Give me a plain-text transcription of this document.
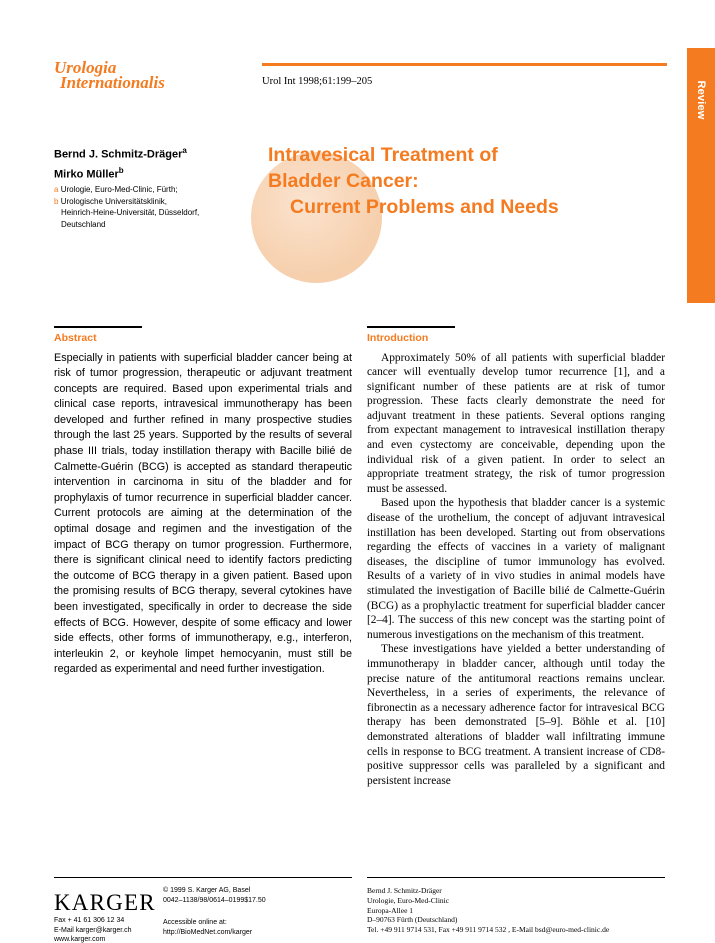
Review
Urologia
Internationalis	Urol Int 1998;61:199–205
Bernd J. Schmitz-Dräger$^a$
Mirko Müller$^b$
a Urologie, Euro-Med-Clinic, Fürth;
b Urologische Universitätsklinik,
Heinrich-Heine-Universität, Düsseldorf,
Deutschland
Intravesical Treatment of
Bladder Cancer:
Current Problems and Needs
Abstract
Especially in patients with superficial bladder cancer being at risk of tumor progression, therapeutic or adjuvant treatment concepts are required. Based upon experimental trials and clinical case reports, intravesical immunotherapy has been developed and further refined in many prospective studies through the last 25 years. Supported by the results of several phase III trials, today instillation therapy with Bacille bilié de Calmette-Guérin (BCG) is accepted as standard therapeutic intervention in carcinoma in situ of the bladder and for prophylaxis of tumor recurrence in superficial bladder cancer. Current protocols are aiming at the determination of the optimal dosage and regimen and the investigation of the impact of BCG therapy on tumor progression. Furthermore, there is significant clinical need to identify factors predicting the outcome of BCG therapy in a given patient. Based upon the promising results of BCG therapy, several cytokines have been investigated, specifically in order to decrease the side effects of BCG. However, despite of some efficacy and lower side effects, other forms of immunotherapy, e.g., interferon, interleukin 2, or keyhole limpet hemocyanin, must still be regarded as experimental and need further investigation.
Introduction

Approximately 50% of all patients with superficial bladder cancer will eventually develop tumor recurrence [1], and a significant number of these patients are at risk of tumor progression. These facts clearly demonstrate the need for adjuvant treatment in these patients. Several options ranging from expectant management to intravesical instillation therapy and even cystectomy are conceivable, depending upon the individual risk of a given patient. In order to select an appropriate treatment strategy, the risk of tumor progression must be assessed.

Based upon the hypothesis that bladder cancer is a systemic disease of the urothelium, the concept of adjuvant intravesical instillation has been developed. Starting out from observations regarding the effects of vaccines in a variety of malignant diseases, the discipline of tumor immunology has evolved. Results of a variety of in vivo studies in animal models have stimulated the investigation of Bacille bilié de Calmette-Guérin (BCG) as a prophylactic treatment for superficial bladder cancer [2–4]. The success of this new concept was the starting point of numerous investigations on the mechanism of this treatment.

These investigations have yielded a better understanding of immunotherapy in bladder cancer, although until today the precise nature of the antitumoral reactions remains unclear. Nevertheless, in a series of experiments, the relevance of fibronectin as a necessary adherence factor for intravesical BCG therapy has been demonstrated [5–9]. Böhle et al. [10] demonstrated alterations of bladder wall infiltrating immune cells in response to BCG treatment. A transient increase of CD8-positive suppressor cells was paralleled by a significant and persistent increase

KARGER
Fax + 41 61 306 12 34
E-Mail karger@karger.ch
www.karger.com
© 1999 S. Karger AG, Basel
0042–1138/98/0614–0199$17.50
Accessible online at:
http://BioMedNet.com/karger
Bernd J. Schmitz-Dräger
Urologie, Euro-Med-Clinic
Europa-Allee 1
D–90763 Fürth (Deutschland)
Tel. +49 911 9714 531, Fax +49 911 9714 532 , E-Mail bsd@euro-med-clinic.de
